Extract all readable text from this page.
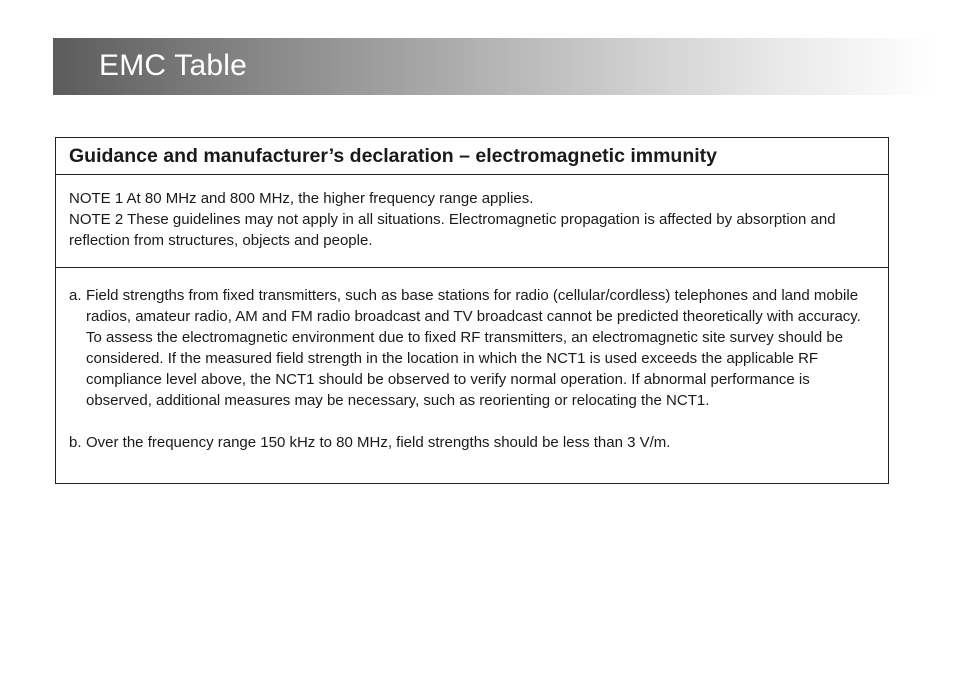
EMC Table
Guidance and manufacturer’s declaration – electromagnetic immunity

NOTE 1 At 80 MHz and 800 MHz, the higher frequency range applies.

NOTE 2 These guidelines may not apply in all situations. Electromagnetic propagation is affected by absorption and reflection from structures, objects and people.

a. Field strengths from fixed transmitters, such as base stations for radio (cellular/cordless) telephones and land mobile radios, amateur radio, AM and FM radio broadcast and TV broadcast cannot be predicted theoretically with accuracy. To assess the electromagnetic environment due to fixed RF transmitters, an electromagnetic site survey should be considered. If the measured field strength in the location in which the NCT1 is used exceeds the applicable RF compliance level above, the NCT1 should be observed to verify normal operation. If abnormal performance is observed, additional measures may be necessary, such as reorienting or relocating the NCT1.
b. Over the frequency range 150 kHz to 80 MHz, field strengths should be less than 3 V/m.
